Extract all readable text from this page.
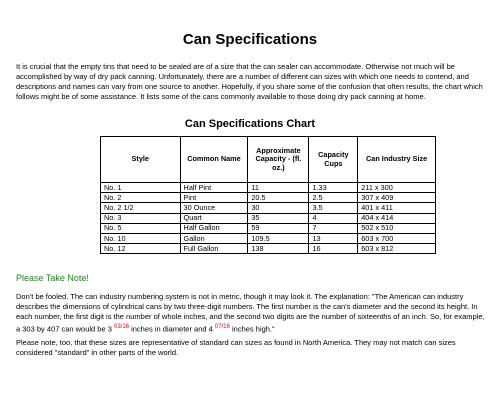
Can Specifications
It is crucial that the empty tins that need to be sealed are of a size that the can sealer can accommodate. Otherwise not much will be accomplished by way of dry pack canning. Unfortunately, there are a number of different can sizes with which one needs to contend, and descriptions and names can vary from one source to another. Hopefully, if you share some of the confusion that often results, the chart which follows might be of some assistance. It lists some of the cans commonly available to those doing dry pack canning at home.
Can Specifications Chart
Style	Common Name	Approximate Capacity - (fl. oz.)	Capacity Cups	Can Industry Size
No. 1	Half Pint	11	1.33	211 x 300
No. 2	Pint	20.5	2.5	307 x 409
No. 2 1/2	30 Ounce	30	3.5	401 x 411
No. 3	Quart	35	4	404 x 414
No. 5	Half Gallon	59	7	502 x 510
No. 10	Gallon	109.5	13	603 x 700
No. 12	Full Gallon	138	16	603 x 812
Please Take Note!
Don't be fooled. The can industry numbering system is not in metric, though it may look it. The explanation: "The American can industry describes the dimensions of cylindrical cans by two three-digit numbers. The first number is the can's diameter and the second its height. In each number, the first digit is the number of whole inches, and the second two digits are the number of sixteenths of an inch. So, for example, a 303 by 407 can would be 3 $^{03/16}$ inches in diameter and 4 $^{07/16}$ inches high."
Please note, too, that these sizes are representative of standard can sizes as found in North America. They may not match can sizes considered "standard" in other parts of the world.
